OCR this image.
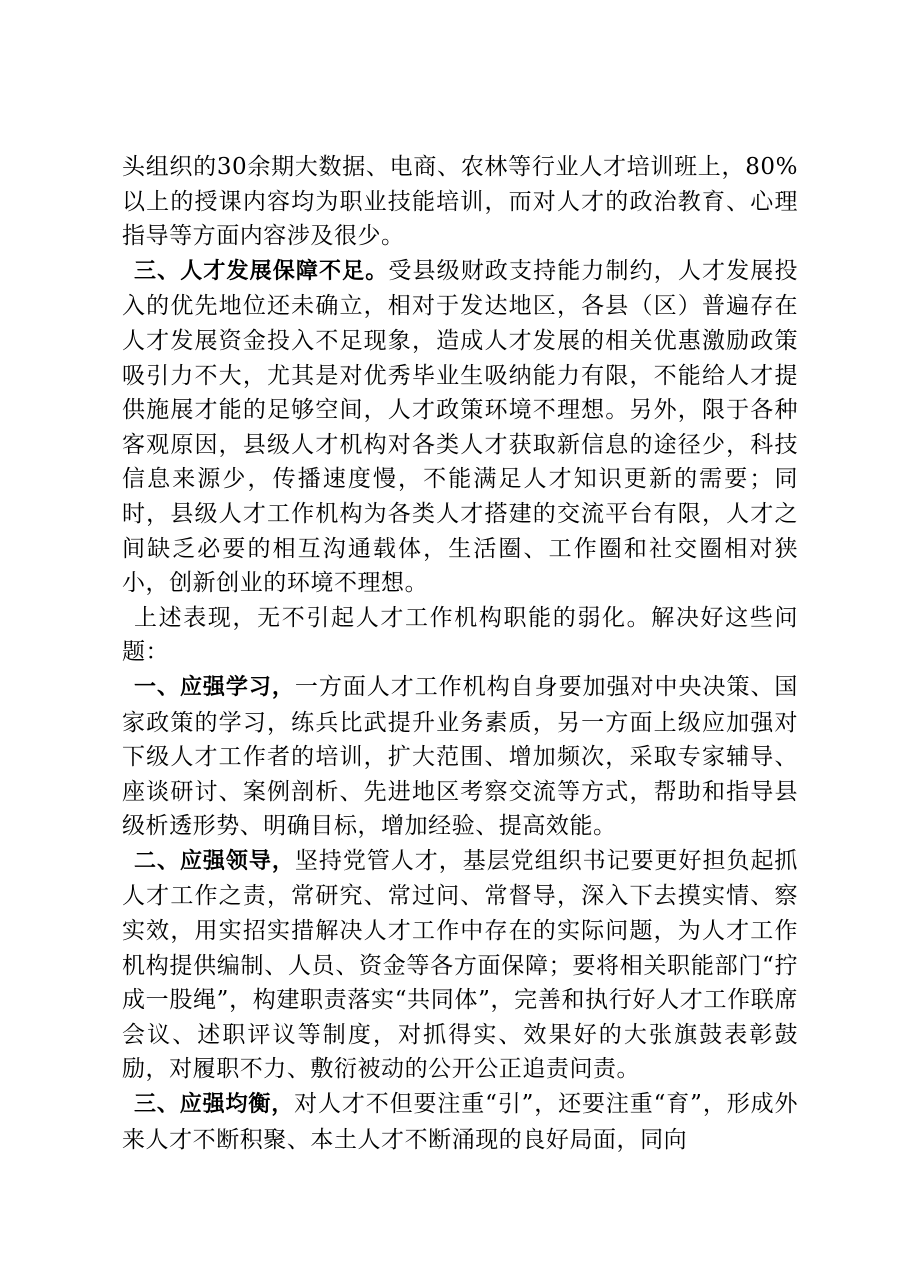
头组织的30余期大数据、电商、农林等行业人才培训班上，80%以上的授课内容均为职业技能培训，而对人才的政治教育、心理指导等方面内容涉及很少。

三、人才发展保障不足。受县级财政支持能力制约，人才发展投入的优先地位还未确立，相对于发达地区，各县（区）普遍存在人才发展资金投入不足现象，造成人才发展的相关优惠激励政策吸引力不大，尤其是对优秀毕业生吸纳能力有限，不能给人才提供施展才能的足够空间，人才政策环境不理想。另外，限于各种客观原因，县级人才机构对各类人才获取新信息的途径少，科技信息来源少，传播速度慢，不能满足人才知识更新的需要；同时，县级人才工作机构为各类人才搭建的交流平台有限，人才之间缺乏必要的相互沟通载体，生活圈、工作圈和社交圈相对狭小，创新创业的环境不理想。

上述表现，无不引起人才工作机构职能的弱化。解决好这些问题：

一、应强学习，一方面人才工作机构自身要加强对中央决策、国家政策的学习，练兵比武提升业务素质，另一方面上级应加强对下级人才工作者的培训，扩大范围、增加频次，采取专家辅导、座谈研讨、案例剖析、先进地区考察交流等方式，帮助和指导县级析透形势、明确目标，增加经验、提高效能。

二、应强领导，坚持党管人才，基层党组织书记要更好担负起抓人才工作之责，常研究、常过问、常督导，深入下去摸实情、察实效，用实招实措解决人才工作中存在的实际问题，为人才工作机构提供编制、人员、资金等各方面保障；要将相关职能部门“拧成一股绳”，构建职责落实“共同体”，完善和执行好人才工作联席会议、述职评议等制度，对抓得实、效果好的大张旗鼓表彰鼓励，对履职不力、敷衍被动的公开公正追责问责。

三、应强均衡，对人才不但要注重“引”，还要注重“育”，形成外来人才不断积聚、本土人才不断涌现的良好局面，同向
